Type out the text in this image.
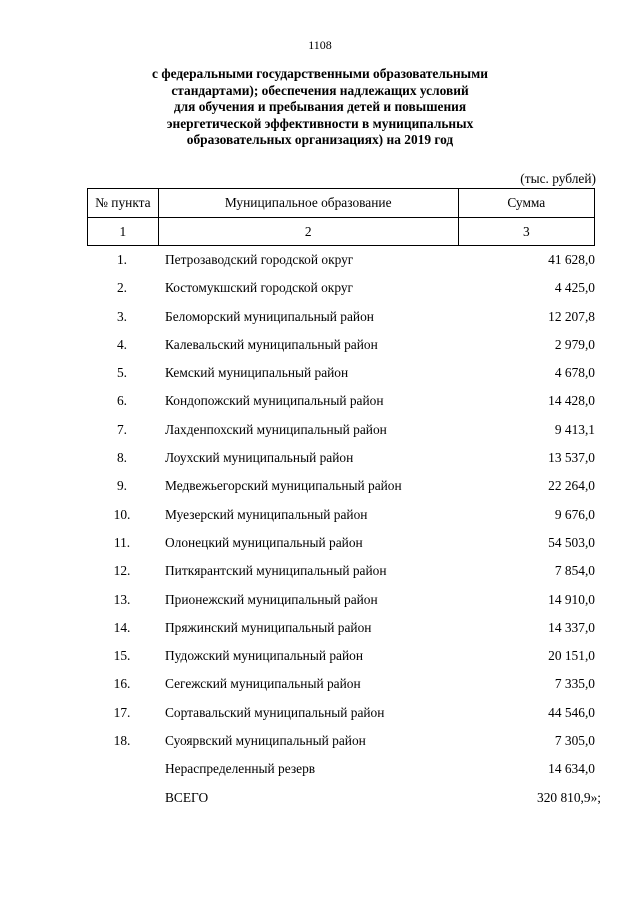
1108
с федеральными государственными образовательными
стандартами); обеспечения надлежащих условий
для обучения и пребывания детей и повышения
энергетической эффективности в муниципальных
образовательных организациях) на 2019 год
(тыс. рублей)
№ пункта	Муниципальное образование	Сумма
1	2	3
1.	Петрозаводский городской округ	41 628,0
2.	Костомукшский городской округ	4 425,0
3.	Беломорский муниципальный район	12 207,8
4.	Калевальский муниципальный район	2 979,0
5.	Кемский муниципальный район	4 678,0
6.	Кондопожский муниципальный район	14 428,0
7.	Лахденпохский муниципальный район	9 413,1
8.	Лоухский муниципальный район	13 537,0
9.	Медвежьегорский муниципальный район	22 264,0
10.	Муезерский муниципальный район	9 676,0
11.	Олонецкий муниципальный район	54 503,0
12.	Питкярантский муниципальный район	7 854,0
13.	Прионежский муниципальный район	14 910,0
14.	Пряжинский муниципальный район	14 337,0
15.	Пудожский муниципальный район	20 151,0
16.	Сегежский муниципальный район	7 335,0
17.	Сортавальский муниципальный район	44 546,0
18.	Суоярвский муниципальный район	7 305,0
Нераспределенный резерв	14 634,0
ВСЕГО	320 810,9»;
